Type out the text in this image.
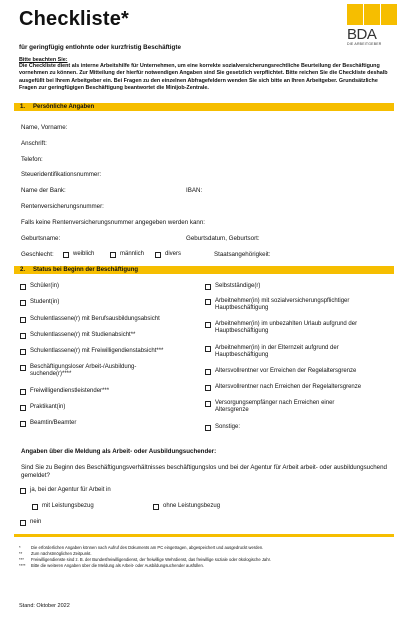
Checkliste*
für geringfügig entlohnte oder kurzfristig Beschäftigte
BDA
DIE ARBEITGEBER
Bitte beachten Sie:
Die Checkliste dient als interne Arbeitshilfe für Unternehmen, um eine korrekte sozialversicherungsrechtliche Beurteilung der Beschäftigung vornehmen zu können. Zur Mitteilung der hierfür notwendigen Angaben sind Sie gesetzlich verpflichtet. Bitte reichen Sie die Checkliste deshalb ausgefüllt bei Ihrem Arbeitgeber ein. Bei Fragen zu den einzelnen Abfragefeldern wenden Sie sich bitte an Ihren Arbeitgeber. Grundsätzliche Fragen zur geringfügigen Beschäftigung beantwortet die Minijob-Zentrale.
1. Persönliche Angaben
Name, Vorname:
Anschrift:
Telefon:
Steueridentifikationsnummer:
Name der Bank:	IBAN:
Rentenversicherungsnummer:
Falls keine Rentenversicherungsnummer angegeben werden kann:
Geburtsname:	Geburtsdatum, Geburtsort:
Geschlecht:	weiblich	männlich	divers	Staatsangehörigkeit:
2. Status bei Beginn der Beschäftigung
Schüler(in)
Student(in)
Schulentlassene(r) mit Berufsausbildungsabsicht
Schulentlassene(r) mit Studienabsicht**
Schulentlassene(r) mit Freiwilligendienstabsicht***
Beschäftigungsloser Arbeit-/Ausbildung-suchende(r)****
Freiwilligendienstleistender***
Praktikant(in)
Beamtin/Beamter
Selbstständige(r)
Arbeitnehmer(in) mit sozialversicherungspflichtiger Hauptbeschäftigung
Arbeitnehmer(in) im unbezahlten Urlaub aufgrund der Hauptbeschäftigung
Arbeitnehmer(in) in der Elternzeit aufgrund der Hauptbeschäftigung
Altersvollrentner vor Erreichen der Regelaltersgrenze
Altersvollrentner nach Erreichen der Regelaltersgrenze
Versorgungsempfänger nach Erreichen einer Altersgrenze
Sonstige:
Angaben über die Meldung als Arbeit- oder Ausbildungsuchender:
Sind Sie zu Beginn des Beschäftigungsverhältnisses beschäftigungslos und bei der Agentur für Arbeit arbeit- oder ausbildungsuchend gemeldet?
ja, bei der Agentur für Arbeit in
mit Leistungsbezug	ohne Leistungsbezug
nein
* Die erforderlichen Angaben können nach Aufruf des Dokuments am PC eingetragen, abgespeichert und ausgedruckt werden.
** Zum nächstmöglichen Zeitpunkt.
*** Freiwilligendienste sind z. B. der Bundesfreiwilligendienst, der freiwillige Wehrdienst, das freiwillige soziale oder ökologische Jahr.
**** Bitte die weiteren Angaben über die Meldung als Arbeit- oder Ausbildungsuchender ausfüllen.
Stand: Oktober 2022
